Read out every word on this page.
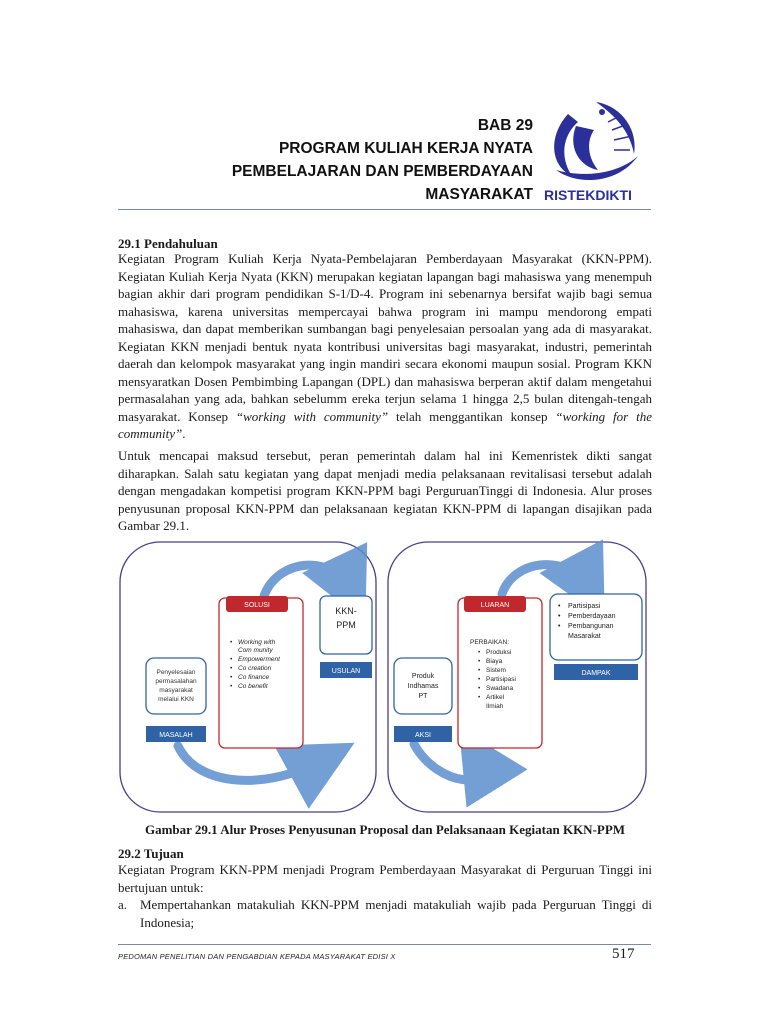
BAB 29
PROGRAM KULIAH KERJA NYATA
PEMBELAJARAN DAN PEMBERDAYAAN
MASYARAKAT RISTEKDIKTI
29.1 Pendahuluan
Kegiatan Program Kuliah Kerja Nyata-Pembelajaran Pemberdayaan Masyarakat (KKN-PPM). Kegiatan Kuliah Kerja Nyata (KKN) merupakan kegiatan lapangan bagi mahasiswa yang menempuh bagian akhir dari program pendidikan S-1/D-4. Program ini sebenarnya bersifat wajib bagi semua mahasiswa, karena universitas mempercayai bahwa program ini mampu mendorong empati mahasiswa, dan dapat memberikan sumbangan bagi penyelesaian persoalan yang ada di masyarakat. Kegiatan KKN menjadi bentuk nyata kontribusi universitas bagi masyarakat, industri, pemerintah daerah dan kelompok masyarakat yang ingin mandiri secara ekonomi maupun sosial. Program KKN mensyaratkan Dosen Pembimbing Lapangan (DPL) dan mahasiswa berperan aktif dalam mengetahui permasalahan yang ada, bahkan sebelumm ereka terjun selama 1 hingga 2,5 bulan ditengah-tengah masyarakat. Konsep “working with community” telah menggantikan konsep “working for the community”.
Untuk mencapai maksud tersebut, peran pemerintah dalam hal ini Kemenristek dikti sangat diharapkan. Salah satu kegiatan yang dapat menjadi media pelaksanaan revitalisasi tersebut adalah dengan mengadakan kompetisi program KKN-PPM bagi PerguruanTinggi di Indonesia. Alur proses penyusunan proposal KKN-PPM dan pelaksanaan kegiatan KKN-PPM di lapangan disajikan pada Gambar 29.1.
Penyelesaian permasalahan masyarakat melalui KKN
MASALAH
SOLUSI
• Working with
Com munity
• Empowerment
• Co creation
• Co finance
• Co benefit
KKN-PPM
USULAN
Produk Indhamas PT
AKSI
LUARAN
PERBAIKAN:
• Produksi
• Biaya
• Sistem
• Partisipasi
• Swadana
• Artikel
Ilmiah
• Partisipasi
• Pemberdayaan
• Pembangunan
Masarakat
DAMPAK
Gambar 29.1 Alur Proses Penyusunan Proposal dan Pelaksanaan Kegiatan KKN-PPM
29.2 Tujuan
Kegiatan Program KKN-PPM menjadi Program Pemberdayaan Masyarakat di Perguruan Tinggi ini bertujuan untuk:
a. Mempertahankan matakuliah KKN-PPM menjadi matakuliah wajib pada Perguruan Tinggi di Indonesia;
PEDOMAN PENELITIAN DAN PENGABDIAN KEPADA MASYARAKAT EDISI X	517
